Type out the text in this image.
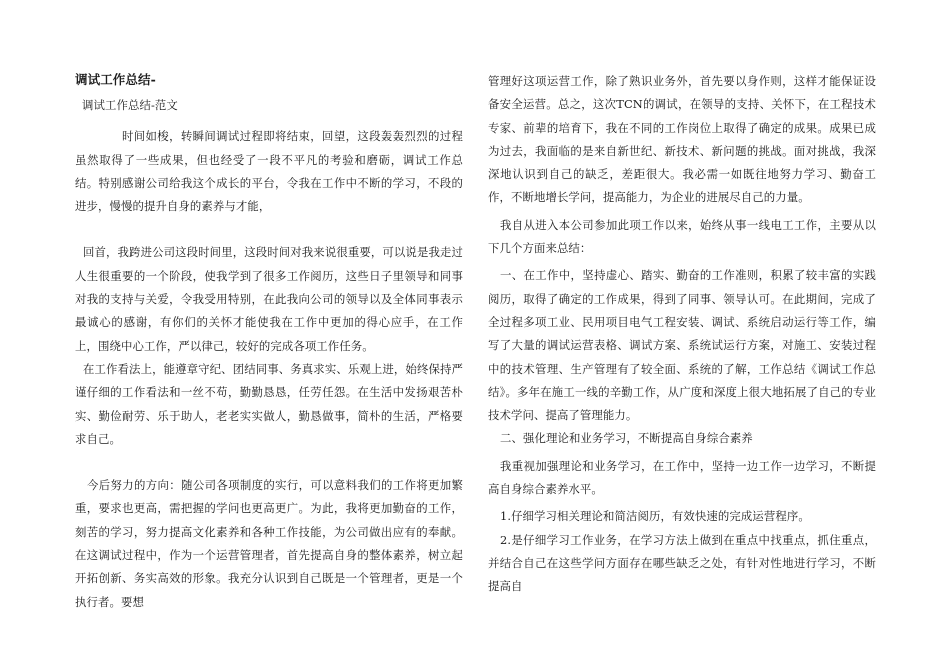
调试工作总结-

调试工作总结-范文

时间如梭，转瞬间调试过程即将结束，回望，这段轰轰烈烈的过程虽然取得了一些成果，但也经受了一段不平凡的考验和磨砺，调试工作总结。特别感谢公司给我这个成长的平台，令我在工作中不断的学习，不段的进步，慢慢的提升自身的素养与才能，

回首，我跨进公司这段时间里，这段时间对我来说很重要，可以说是我走过人生很重要的一个阶段，使我学到了很多工作阅历，这些日子里领导和同事对我的支持与关爱，令我受用特别，在此我向公司的领导以及全体同事表示最诚心的感谢，有你们的关怀才能使我在工作中更加的得心应手，在工作上，围绕中心工作，严以律己，较好的完成各项工作任务。

在工作看法上，能遵章守纪、团结同事、务真求实、乐观上进，始终保持严谨仔细的工作看法和一丝不苟，勤勤恳恳，任劳任怨。在生活中发扬艰苦朴实、勤俭耐劳、乐于助人，老老实实做人，勤恳做事，简朴的生活，严格要求自己。

今后努力的方向：随公司各项制度的实行，可以意料我们的工作将更加繁重，要求也更高，需把握的学问也更高更广。为此，我将更加勤奋的工作，刻苦的学习，努力提高文化素养和各种工作技能，为公司做出应有的奉献。在这调试过程中，作为一个运营管理者，首先提高自身的整体素养，树立起开拓创新、务实高效的形象。我充分认识到自己既是一个管理者，更是一个执行者。要想

管理好这项运营工作，除了熟识业务外，首先要以身作则，这样才能保证设备安全运营。总之，这次TCN的调试，在领导的支持、关怀下，在工程技术专家、前辈的培育下，我在不同的工作岗位上取得了确定的成果。成果已成为过去，我面临的是来自新世纪、新技术、新问题的挑战。面对挑战，我深深地认识到自己的缺乏，差距很大。我必需一如既往地努力学习、勤奋工作，不断地增长学问，提高能力，为企业的进展尽自己的力量。

我自从进入本公司参加此项工作以来，始终从事一线电工工作，主要从以下几个方面来总结：

一、在工作中，坚持虚心、踏实、勤奋的工作准则，积累了较丰富的实践阅历，取得了确定的工作成果，得到了同事、领导认可。在此期间，完成了全过程多项工业、民用项目电气工程安装、调试、系统启动运行等工作，编写了大量的调试运营表格、调试方案、系统试运行方案，对施工、安装过程中的技术管理、生产管理有了较全面、系统的了解，工作总结《调试工作总结》。多年在施工一线的辛勤工作，从广度和深度上很大地拓展了自己的专业技术学问、提高了管理能力。

二、强化理论和业务学习，不断提高自身综合素养

我重视加强理论和业务学习，在工作中，坚持一边工作一边学习，不断提高自身综合素养水平。

1.仔细学习相关理论和简洁阅历，有效快速的完成运营程序。

2.是仔细学习工作业务，在学习方法上做到在重点中找重点，抓住重点，并结合自己在这些学问方面存在哪些缺乏之处，有针对性地进行学习，不断提高自
